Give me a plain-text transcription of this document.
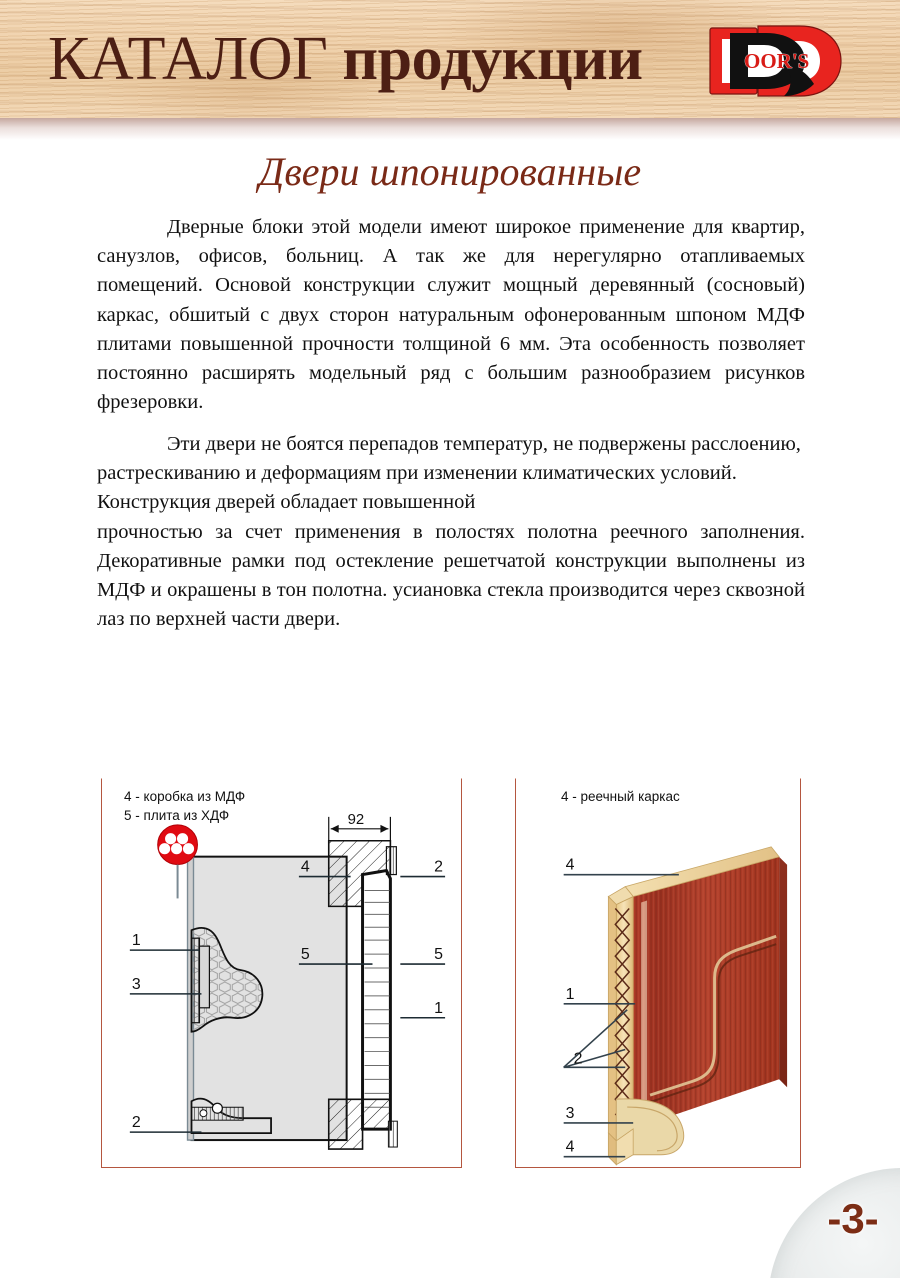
КАТАЛОГ продукции	OOR'S
Двери шпонированные

Дверные блоки этой модели имеют широкое применение для квартир, санузлов, офисов, больниц. А так же для нерегулярно отапливаемых помещений. Основой конструкции служит мощный деревянный (сосновый) каркас, обшитый с двух сторон натуральным офонерованным шпоном МДФ плитами повышенной прочности толщиной 6 мм. Эта особенность позволяет постоянно расширять модельный ряд с большим разнообразием рисунков фрезеровки.

Эти двери не боятся перепадов температур, не подвержены расслоению, растрескиванию и деформациям при изменении климатических условий. Конструкция дверей обладает повышенной

прочностью за счет применения в полостях полотна реечного заполнения. Декоративные рамки под остекление решетчатой конструкции выполнены из МДФ и окрашены в тон полотна. усиановка стекла производится через сквозной лаз по верхней части двери.

4 - коробка из МДФ
5 - плита из ХДФ
1
3
2
92
4	2
5	5
1
4 - реечный каркас
4
1
2
3
4
-3-
